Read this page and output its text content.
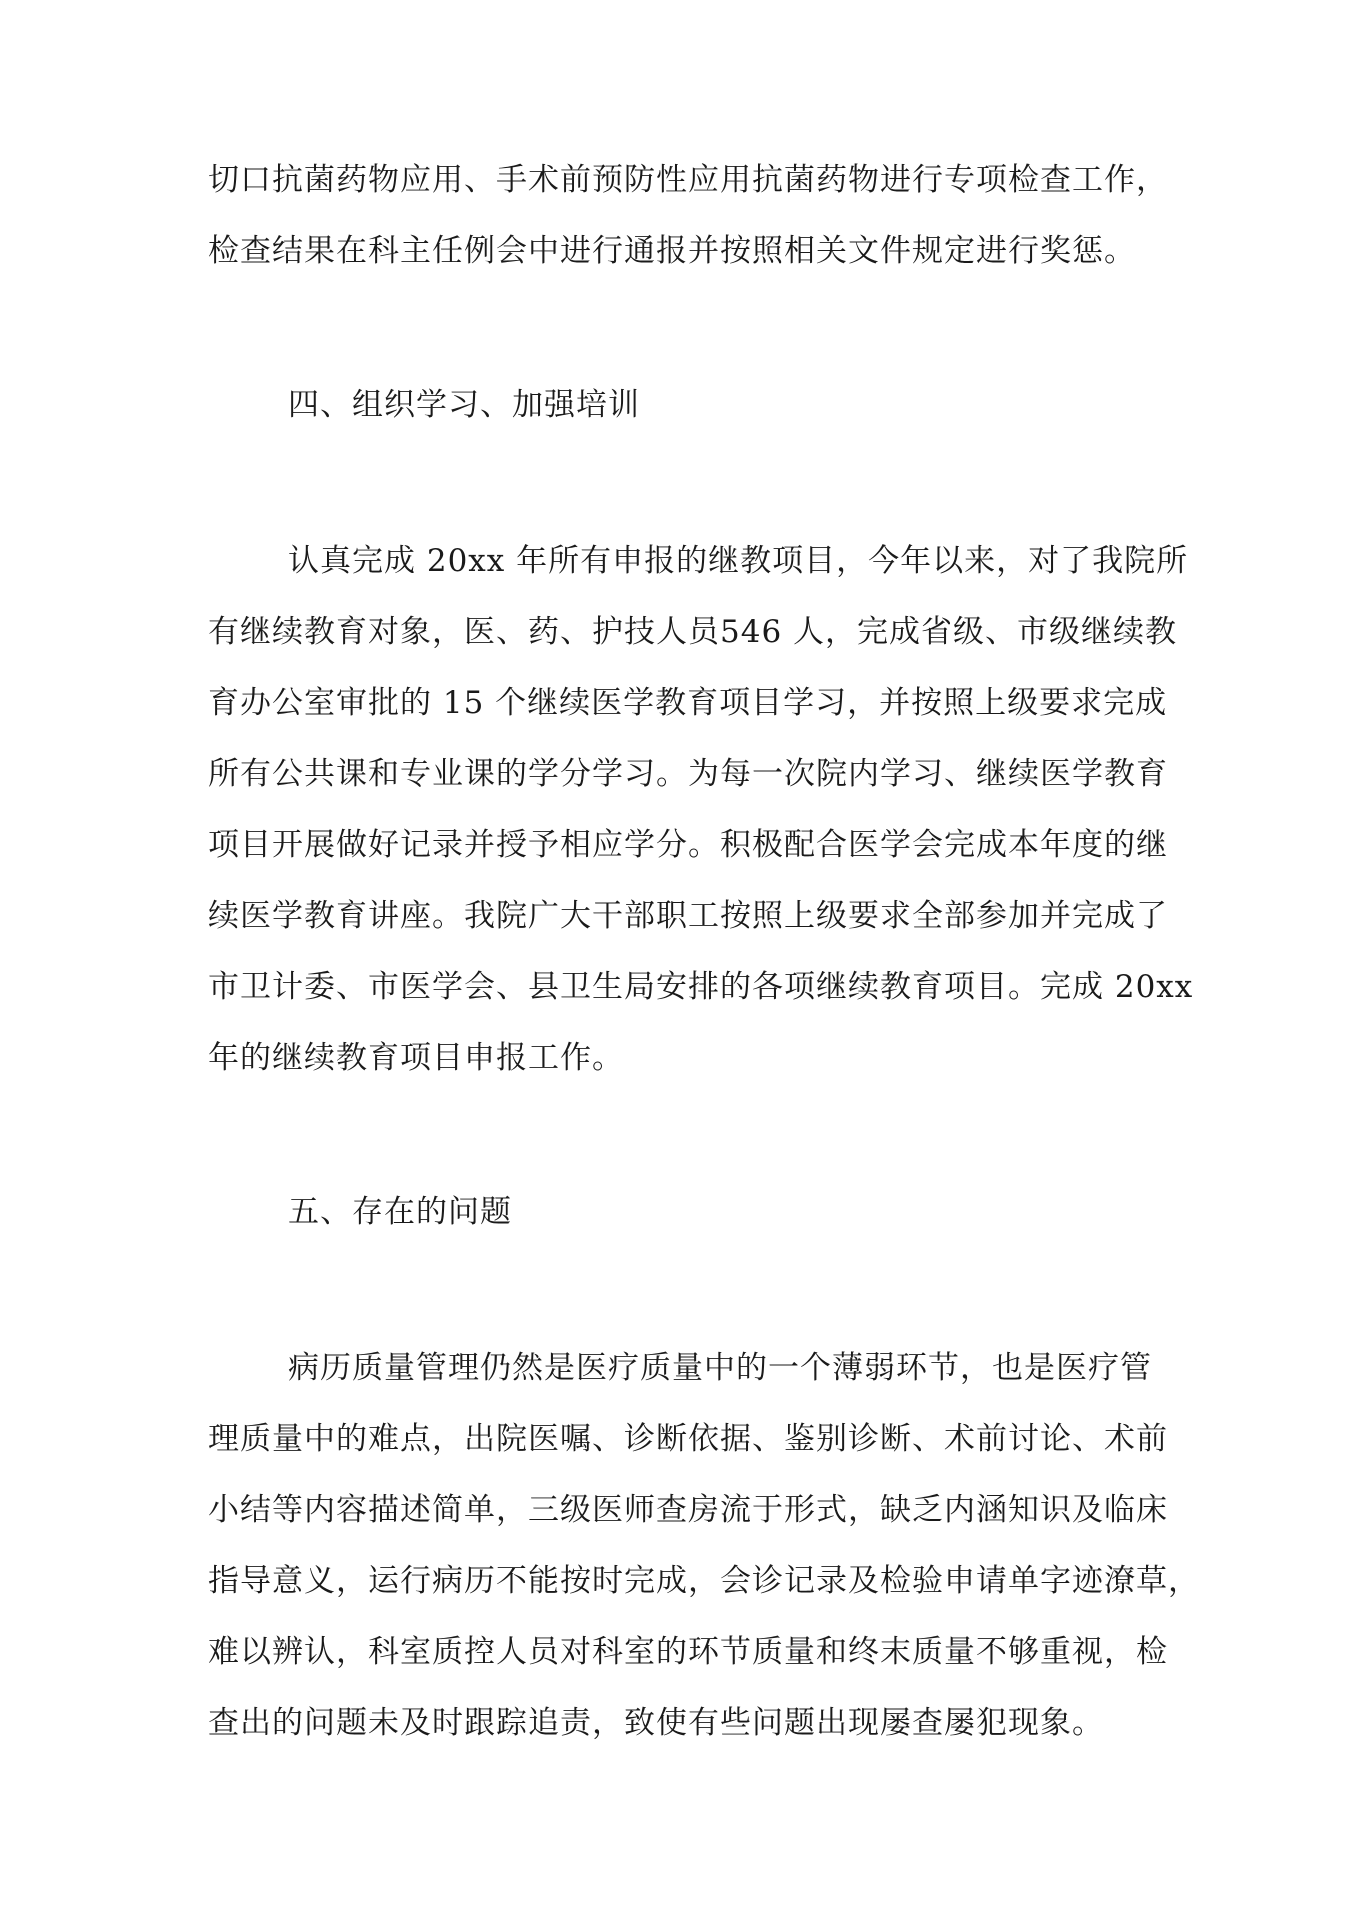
切口抗菌药物应用、手术前预防性应用抗菌药物进行专项检查工作，
检查结果在科主任例会中进行通报并按照相关文件规定进行奖惩。
四、组织学习、加强培训
认真完成 20xx 年所有申报的继教项目，今年以来，对了我院所
有继续教育对象，医、药、护技人员546 人，完成省级、市级继续教
育办公室审批的 15 个继续医学教育项目学习，并按照上级要求完成
所有公共课和专业课的学分学习。为每一次院内学习、继续医学教育
项目开展做好记录并授予相应学分。积极配合医学会完成本年度的继
续医学教育讲座。我院广大干部职工按照上级要求全部参加并完成了
市卫计委、市医学会、县卫生局安排的各项继续教育项目。完成 20xx
年的继续教育项目申报工作。
五、存在的问题
病历质量管理仍然是医疗质量中的一个薄弱环节，也是医疗管
理质量中的难点，出院医嘱、诊断依据、鉴别诊断、术前讨论、术前
小结等内容描述简单，三级医师查房流于形式，缺乏内涵知识及临床
指导意义，运行病历不能按时完成，会诊记录及检验申请单字迹潦草，
难以辨认，科室质控人员对科室的环节质量和终末质量不够重视，检
查出的问题未及时跟踪追责，致使有些问题出现屡查屡犯现象。
